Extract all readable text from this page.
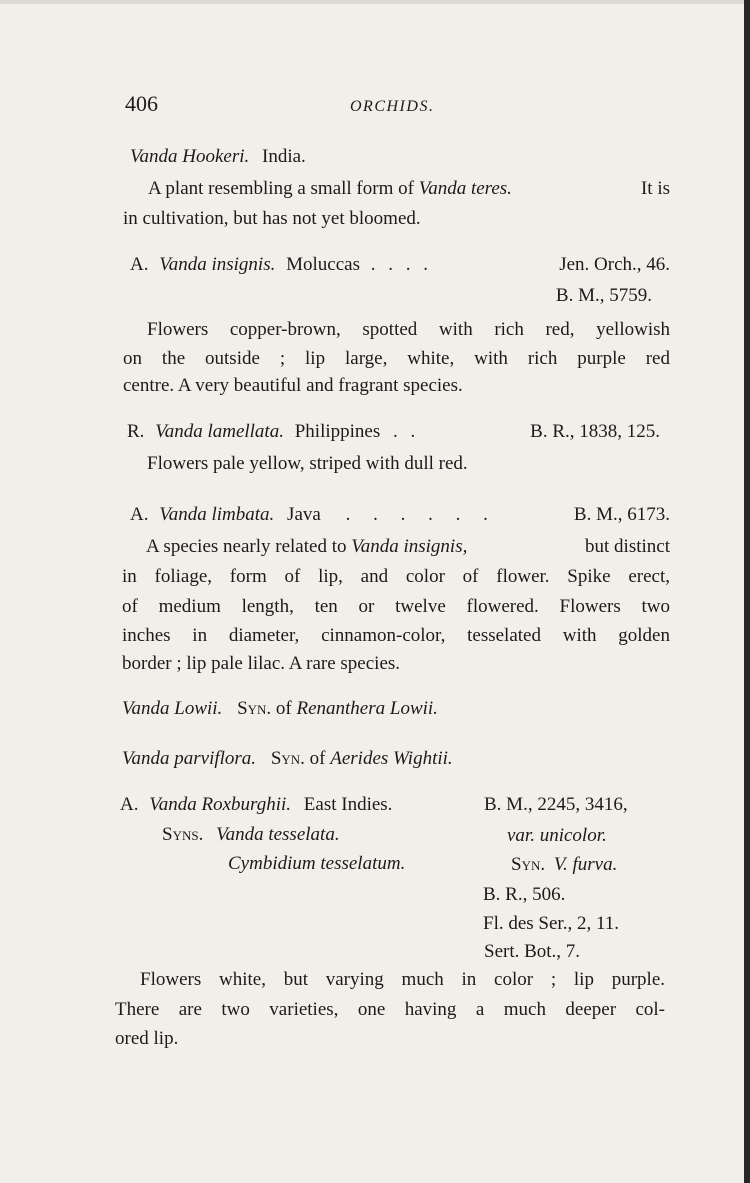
406	ORCHIDS.
Vanda Hookeri. India.
A plant resembling a small form of Vanda teres.	It is
in cultivation, but has not yet bloomed.
A. Vanda insignis. Moluccas . . . .	Jen. Orch., 46.
B. M., 5759.
Flowers copper-brown, spotted with rich red, yellowish
on the outside ; lip large, white, with rich purple red
centre. A very beautiful and fragrant species.
R. Vanda lamellata. Philippines . .	B. R., 1838, 125.
Flowers pale yellow, striped with dull red.
A. Vanda limbata. Java . . . . . .	B. M., 6173.
A species nearly related to Vanda insignis,	but distinct
in foliage, form of lip, and color of flower. Spike erect,
of medium length, ten or twelve flowered. Flowers two
inches in diameter, cinnamon-color, tesselated with golden
border ; lip pale lilac. A rare species.
Vanda Lowii. Syn. of Renanthera Lowii.
Vanda parviflora. Syn. of Aerides Wightii.
A. Vanda Roxburghii. East Indies.	B. M., 2245, 3416,
Syns. Vanda tesselata.	var. unicolor.
Cymbidium tesselatum.	Syn. V. furva.
B. R., 506.
Fl. des Ser., 2, 11.
Sert. Bot., 7.
Flowers white, but varying much in color ; lip purple.
There are two varieties, one having a much deeper col-
ored lip.
